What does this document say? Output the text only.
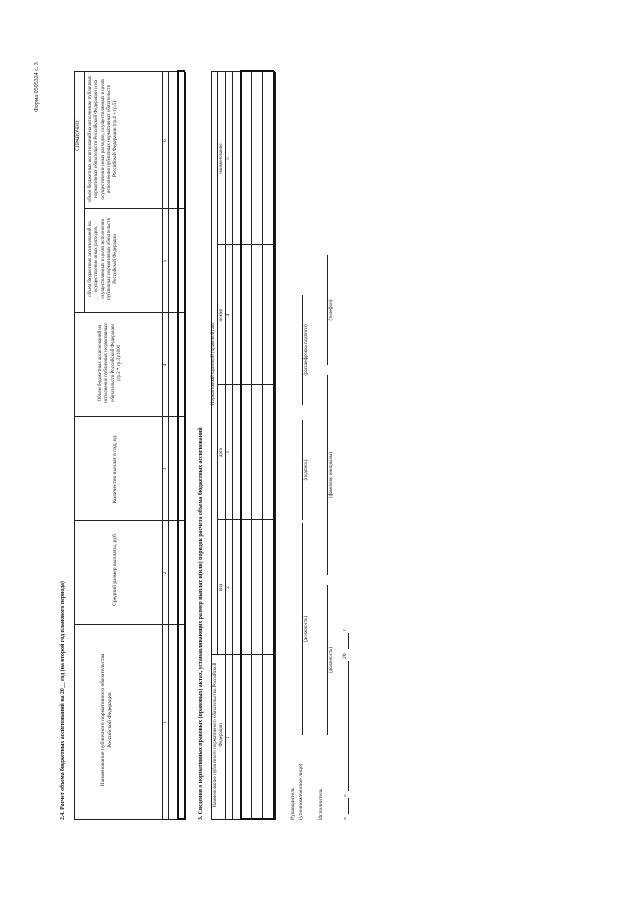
Форма 0505324 с. 3
2.4. Расчет объема бюджетных ассигнований на 20__ год (на второй год планового периода)
СПРАВОЧНО:
Наименование публичного нормативного обязательства Российской Федерации
Средний размер выплаты, руб
Количество выплат в год, ед.
Объем бюджетных ассигнований на исполнение публичных нормативных обязательств Российской Федерации (гр.2 * гр.3)/1000
объем бюджетных ассигнований на осуществление иных расходов, осуществляемых в целях исполнения публичных нормативных обязательств Российской Федерации
объем бюджетных ассигнований на исполнение публичных нормативных обязательств Российской Федерации и на осуществление иных расходов, осуществляемых в целях исполнения публичных нормативных обязательств Российской Федерации (гр.4 + гр.5)
1
2
3
4
5
6
3. Сведения о нормативных правовых (правовых) актах, устанавливающих размер выплат и(или) порядок расчета объема бюджетных ассигнований Наименование публичного нормативного обязательства Российской Федерации
Нормативный правовой (правовой) акт
вид
дата
номер
наименование
1
2
3
4
5
Руководитель (уполномоченное лицо)
(должность)
(подпись)
(расшифровка подписи)
Исполнитель
(должность)
(фамилия, инициалы)
(телефон)
«
»
20
г.
